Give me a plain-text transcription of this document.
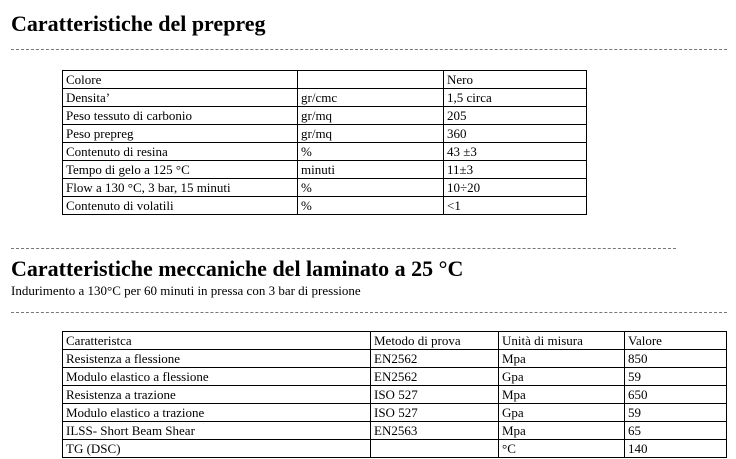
Caratteristiche del prepreg
Colore		Nero
Densita’	gr/cmc	1,5 circa
Peso tessuto di carbonio	gr/mq	205
Peso prepreg	gr/mq	360
Contenuto di resina	%	43 ±3
Tempo di gelo a 125 °C	minuti	11±3
Flow a 130 °C, 3 bar, 15 minuti	%	10÷20
Contenuto di volatili	%	<1
Caratteristiche meccaniche del laminato a 25 °C
Indurimento a 130°C per 60 minuti in pressa con 3 bar di pressione
Caratteristca	Metodo di prova	Unità di misura	Valore
Resistenza a flessione	EN2562	Mpa	850
Modulo elastico a flessione	EN2562	Gpa	59
Resistenza a trazione	ISO 527	Mpa	650
Modulo elastico a trazione	ISO 527	Gpa	59
ILSS- Short Beam Shear	EN2563	Mpa	65
TG (DSC)		°C	140
